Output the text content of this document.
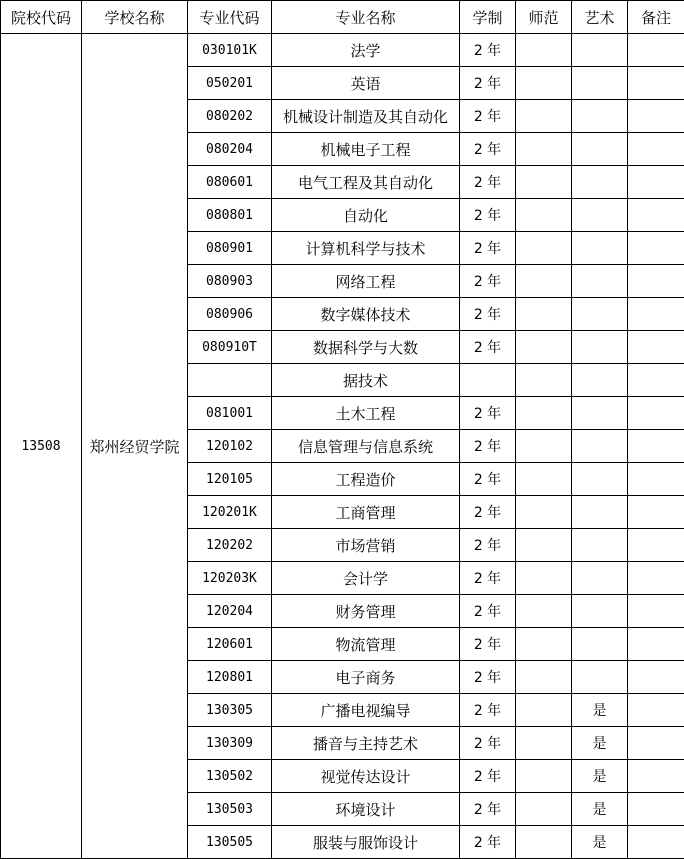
院校代码	学校名称	专业代码	专业名称	学制	师范	艺术	备注
13508	郑州经贸学院	030101K	法学	2 年			
		050201	英语	2 年			
		080202	机械设计制造及其自动化	2 年			
		080204	机械电子工程	2 年			
		080601	电气工程及其自动化	2 年			
		080801	自动化	2 年			
		080901	计算机科学与技术	2 年			
		080903	网络工程	2 年			
		080906	数字媒体技术	2 年			
		080910T	数据科学与大数	2 年			
			据技术				
		081001	土木工程	2 年			
		120102	信息管理与信息系统	2 年			
		120105	工程造价	2 年			
		120201K	工商管理	2 年			
		120202	市场营销	2 年			
		120203K	会计学	2 年			
		120204	财务管理	2 年			
		120601	物流管理	2 年			
		120801	电子商务	2 年			
		130305	广播电视编导	2 年		是	
		130309	播音与主持艺术	2 年		是	
		130502	视觉传达设计	2 年		是	
		130503	环境设计	2 年		是	
		130505	服装与服饰设计	2 年		是	
